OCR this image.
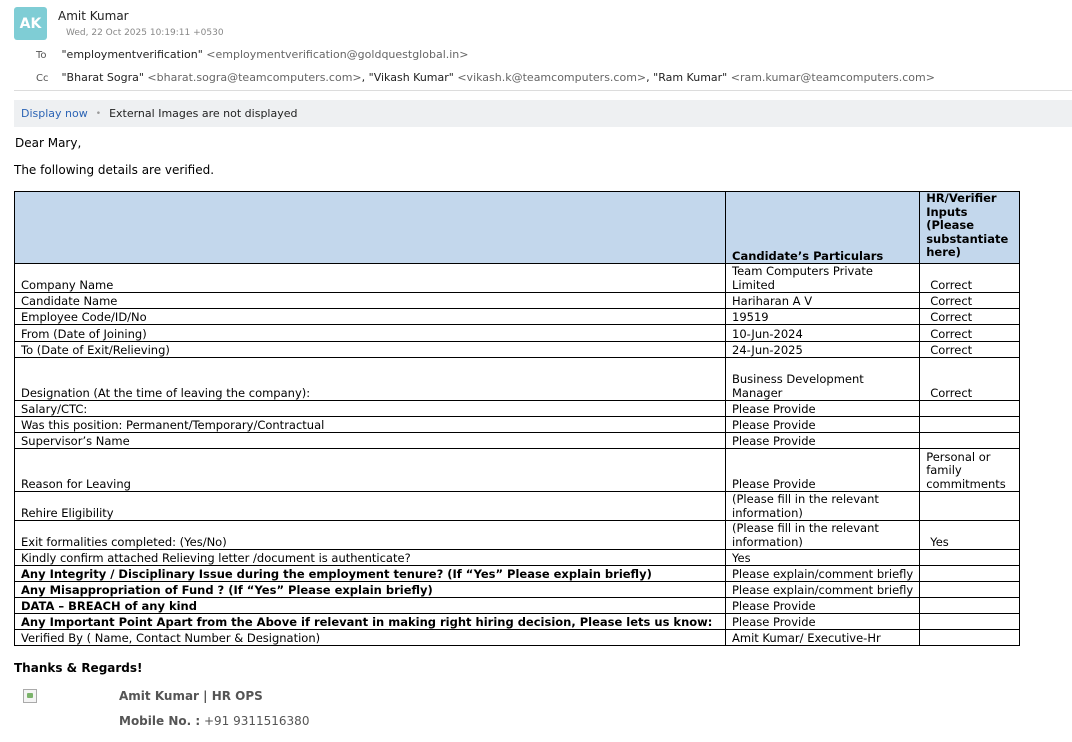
AK	Amit Kumar
Wed, 22 Oct 2025 10:19:11 +0530
To "employmentverification" <employmentverification@goldquestglobal.in>
Cc "Bharat Sogra" <bharat.sogra@teamcomputers.com>, "Vikash Kumar" <vikash.k@teamcomputers.com>, "Ram Kumar" <ram.kumar@teamcomputers.com>
Display now • External Images are not displayed
Dear Mary,
The following details are verified.
	Candidate’s Particulars	HR/Verifier Inputs (Please substantiate here)
Company Name	Team Computers Private Limited	Correct
Candidate Name	Hariharan A V	Correct
Employee Code/ID/No	19519	Correct
From (Date of Joining)	10-Jun-2024	Correct
To (Date of Exit/Relieving)	24-Jun-2025	Correct
Designation (At the time of leaving the company):	Business Development Manager	Correct
Salary/CTC:	Please Provide	
Was this position: Permanent/Temporary/Contractual	Please Provide	
Supervisor’s Name	Please Provide	
Reason for Leaving	Please Provide	Personal or family commitments
Rehire Eligibility	(Please fill in the relevant information)	
Exit formalities completed: (Yes/No)	(Please fill in the relevant information)	Yes
Kindly confirm attached Relieving letter /document is authenticate?	Yes	
Any Integrity / Disciplinary Issue during the employment tenure? (If “Yes” Please explain briefly)	Please explain/comment briefly	
Any Misappropriation of Fund ? (If “Yes” Please explain briefly)	Please explain/comment briefly	
DATA – BREACH of any kind	Please Provide	
Any Important Point Apart from the Above if relevant in making right hiring decision, Please lets us know:	Please Provide	
Verified By ( Name, Contact Number & Designation)	Amit Kumar/ Executive-Hr	
Thanks & Regards!
Amit Kumar | HR OPS
Mobile No. : +91 9311516380
